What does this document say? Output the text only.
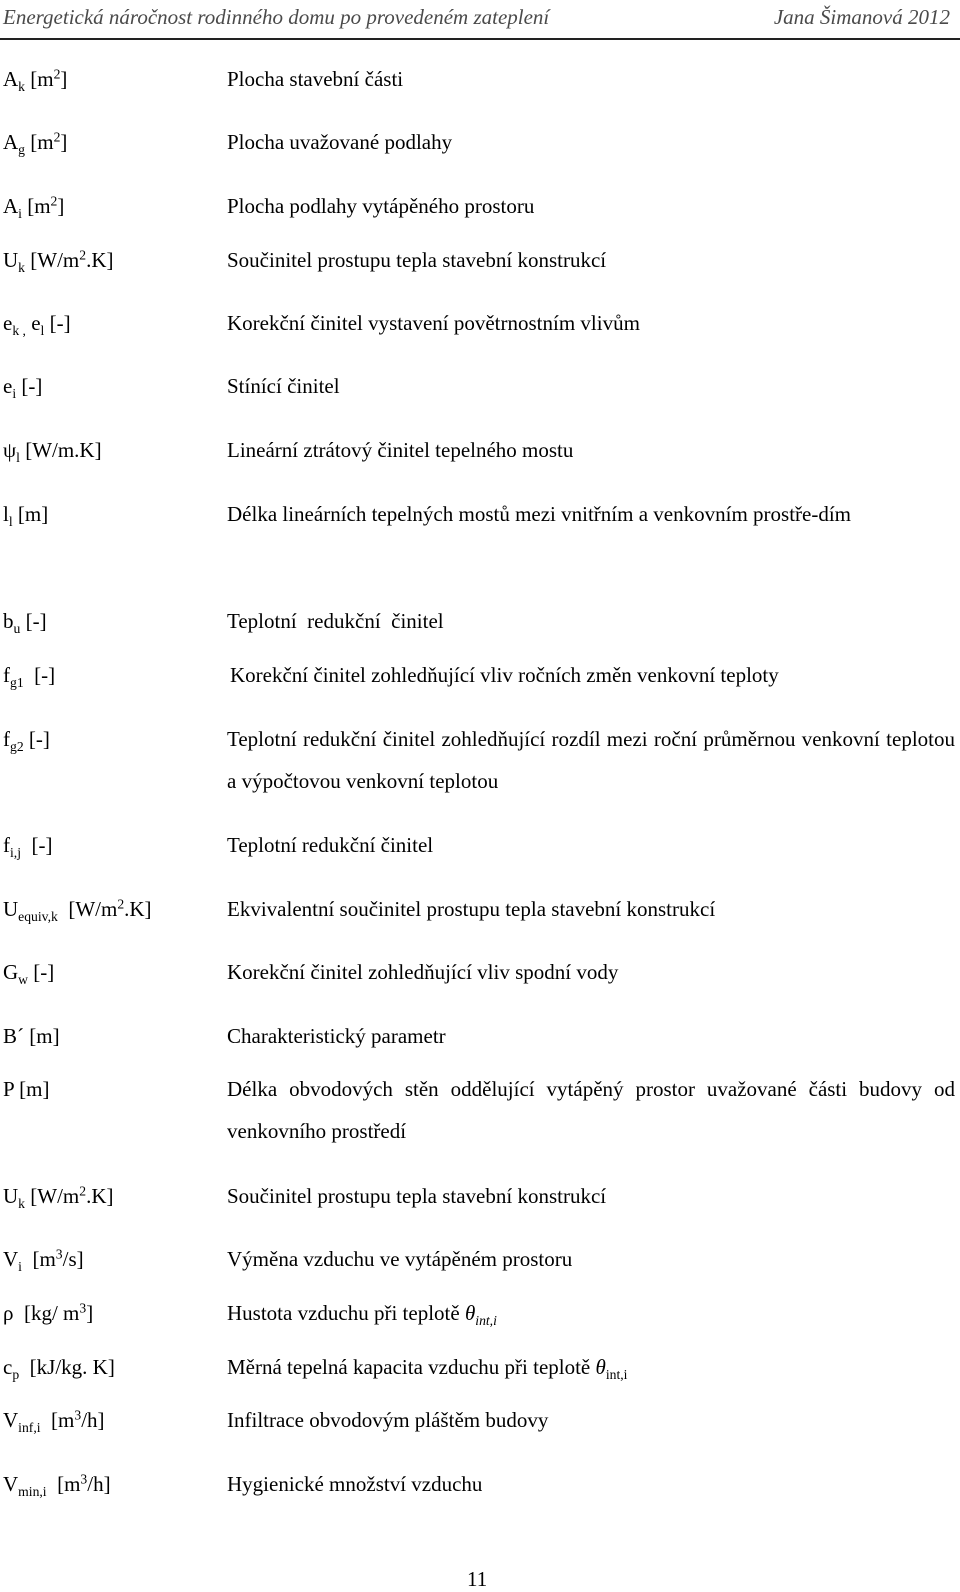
Energetická náročnost rodinného domu po provedeném zateplení	Jana Šimanová 2012
$A_k$ $[m^2]$	Plocha stavební části
$A_g$ $[m^2]$	Plocha uvažované podlahy
$A_i$ $[m^2]$	Plocha podlahy vytápěného prostoru
$U_k$ $[W/m^2.K]$	Součinitel prostupu tepla stavební konstrukcí
$e_{k ,}$ $e_l$ [-]	Korekční činitel vystavení povětrnostním vlivům
$e_i$ [-]	Stínící činitel
$\psi_l$ [W/m.K]	Lineární ztrátový činitel tepelného mostu
$l_l$ [m]	Délka lineárních tepelných mostů mezi vnitřním a venkovním prostře-dím
$b_u$ [-]	Teplotní  redukční  činitel
$f_{g1}$  [-]	Korekční činitel zohledňující vliv ročních změn venkovní teploty
$f_{g2}$ [-]	Teplotní redukční činitel zohledňující rozdíl mezi roční průměrnou venkovní teplotou a výpočtovou venkovní teplotou
$f_{i,j}$  [-]	Teplotní redukční činitel
$U_{equiv,k}$  $[W/m^2.K]$	Ekvivalentní součinitel prostupu tepla stavební konstrukcí
$G_w$ [-]	Korekční činitel zohledňující vliv spodní vody
B´ [m]	Charakteristický parametr
P [m]	Délka obvodových stěn oddělující vytápěný prostor uvažované části budovy od venkovního prostředí
$U_k$ $[W/m^2.K]$	Součinitel prostupu tepla stavební konstrukcí
$V_i$  $[m^3/s]$	Výměna vzduchu ve vytápěném prostoru
ρ  [kg/ $m^3$]	Hustota vzduchu při teplotě $\theta_{int,i}$
$c_p$  [kJ/kg. K]	Měrná tepelná kapacita vzduchu při teplotě $\theta_{int,i}$
$V_{inf,i}$  $[m^3/h]$	Infiltrace obvodovým pláštěm budovy
$V_{min,i}$  $[m^3/h]$	Hygienické množství vzduchu
11
